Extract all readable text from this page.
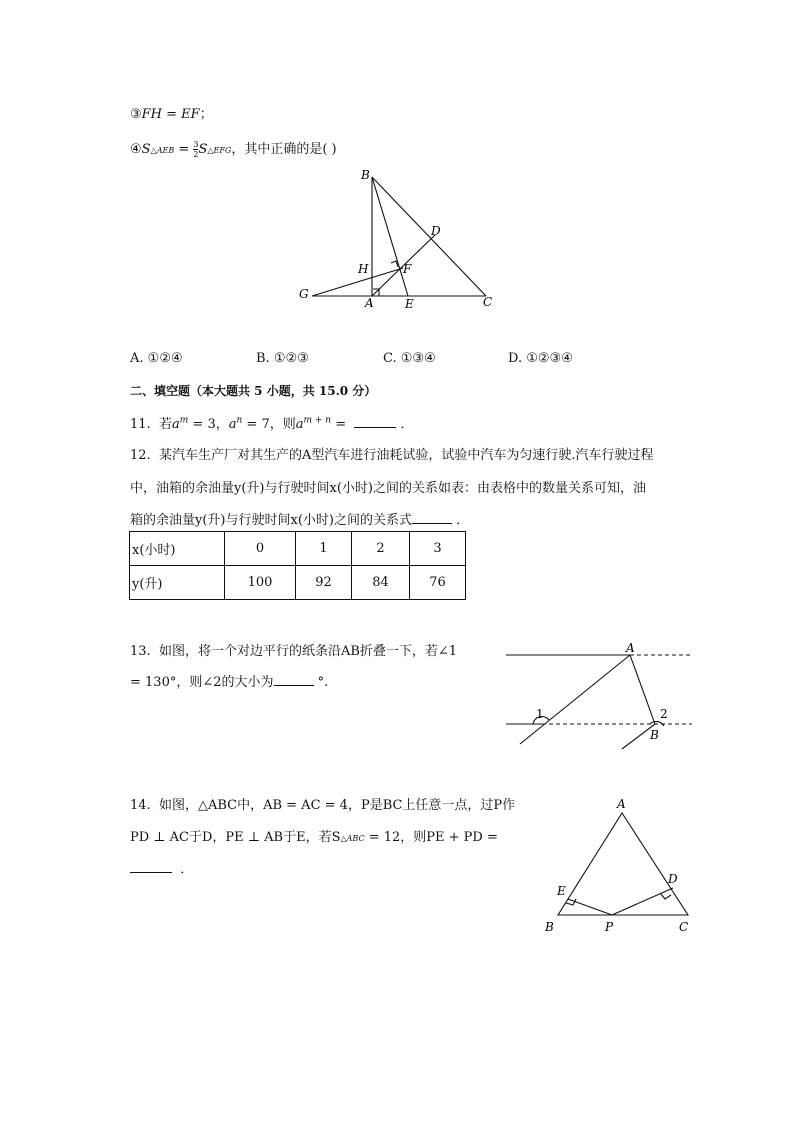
③FH = EF；
④S△AEB = $\frac{3}{2}$ S△EFG，其中正确的是( )
B
D
H	F
G
A	E	C
A. ①②④	B. ①②③	C. ①③④	D. ①②③④
二、填空题（本大题共 5 小题，共 15.0 分）
11. 若$a^m = 3$，$a^n = 7$，则$a^{m + n}$ =	．
12. 某汽车生产厂对其生产的A型汽车进行油耗试验，试验中汽车为匀速行驶.汽车行驶过程
中，油箱的余油量y(升)与行驶时间x(小时)之间的关系如表：由表格中的数量关系可知，油
箱的余油量y(升)与行驶时间x(小时)之间的关系式	．
x(小时)	0	1	2	3
y(升)	100	92	84	76
13. 如图，将一个对边平行的纸条沿AB折叠一下，若∠1
= 130°，则∠2的大小为	°.
A
1	2
B
14. 如图，△ABC中，AB = AC = 4，P是BC上任意一点，过P作
PD ⊥ AC于D，PE ⊥ AB于E，若S△ABC = 12，则PE + PD =
．
A
D
E
B	P	C
